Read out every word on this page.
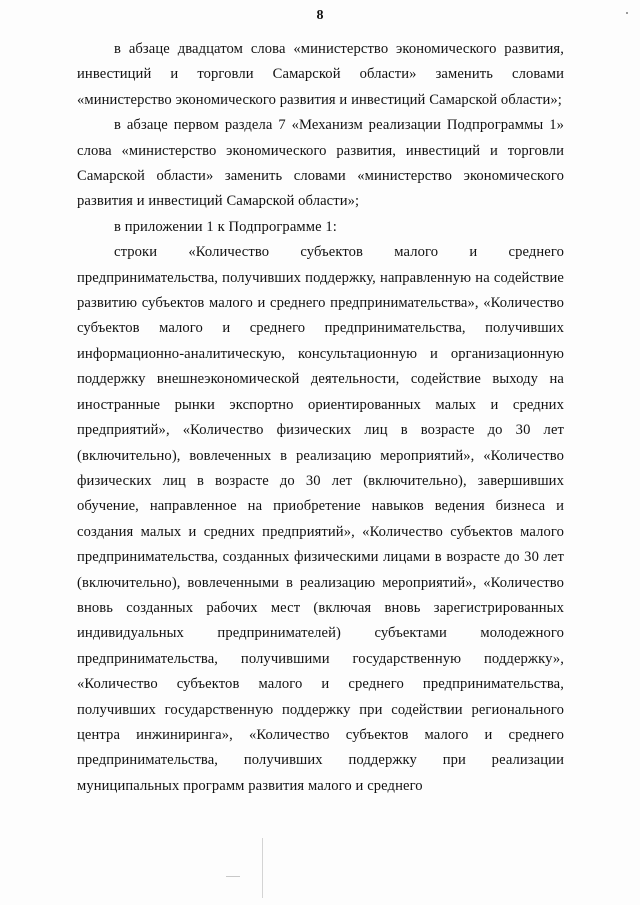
8

в абзаце двадцатом слова «министерство экономического развития, инвестиций и торговли Самарской области» заменить словами «министерство экономического развития и инвестиций Самарской области»;

в абзаце первом раздела 7 «Механизм реализации Подпрограммы 1» слова «министерство экономического развития, инвестиций и торговли Самарской области» заменить словами «министерство экономического развития и инвестиций Самарской области»;

в приложении 1 к Подпрограмме 1:

строки «Количество субъектов малого и среднего предпринимательства, получивших поддержку, направленную на содействие развитию субъектов малого и среднего предпринимательства», «Количество субъектов малого и среднего предпринимательства, получивших информационно-аналитическую, консультационную и организационную поддержку внешнеэкономической деятельности, содействие выходу на иностранные рынки экспортно ориентированных малых и средних предприятий», «Количество физических лиц в возрасте до 30 лет (включительно), вовлеченных в реализацию мероприятий», «Количество физических лиц в возрасте до 30 лет (включительно), завершивших обучение, направленное на приобретение навыков ведения бизнеса и создания малых и средних предприятий», «Количество субъектов малого предпринимательства, созданных физическими лицами в возрасте до 30 лет (включительно), вовлеченными в реализацию мероприятий», «Количество вновь созданных рабочих мест (включая вновь зарегистрированных индивидуальных предпринимателей) субъектами молодежного предпринимательства, получившими государственную поддержку», «Количество субъектов малого и среднего предпринимательства, получивших государственную поддержку при содействии регионального центра инжиниринга», «Количество субъектов малого и среднего предпринимательства, получивших поддержку при реализации муниципальных программ развития малого и среднего
